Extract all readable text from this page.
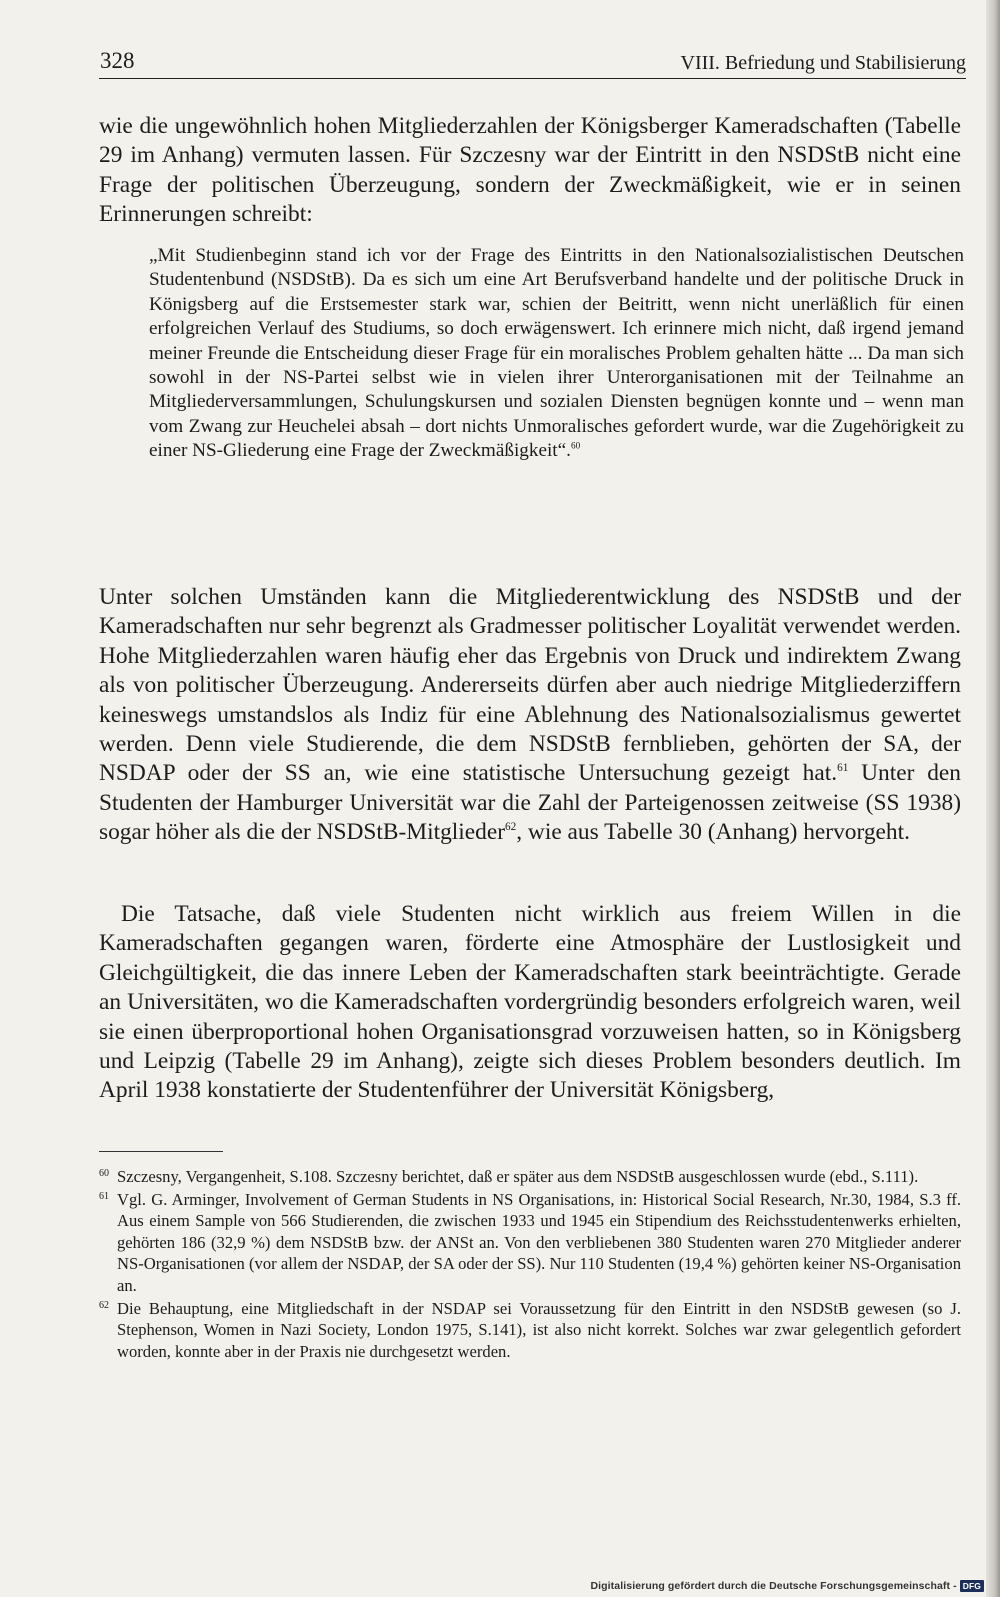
328	VIII. Befriedung und Stabilisierung

wie die ungewöhnlich hohen Mitgliederzahlen der Königsberger Kameradschaften (Tabelle 29 im Anhang) vermuten lassen. Für Szczesny war der Eintritt in den NSDStB nicht eine Frage der politischen Überzeugung, sondern der Zweckmäßigkeit, wie er in seinen Erinnerungen schreibt:

„Mit Studienbeginn stand ich vor der Frage des Eintritts in den Nationalsozialistischen Deutschen Studentenbund (NSDStB). Da es sich um eine Art Berufsverband handelte und der politische Druck in Königsberg auf die Erstsemester stark war, schien der Beitritt, wenn nicht unerläßlich für einen erfolgreichen Verlauf des Studiums, so doch erwägenswert. Ich erinnere mich nicht, daß irgend jemand meiner Freunde die Entscheidung dieser Frage für ein moralisches Problem gehalten hätte ... Da man sich sowohl in der NS-Partei selbst wie in vielen ihrer Unterorganisationen mit der Teilnahme an Mitgliederversammlungen, Schulungskursen und sozialen Diensten begnügen konnte und – wenn man vom Zwang zur Heuchelei absah – dort nichts Unmoralisches gefordert wurde, war die Zugehörigkeit zu einer NS-Gliederung eine Frage der Zweckmäßigkeit“.$^{60}$

Unter solchen Umständen kann die Mitgliederentwicklung des NSDStB und der Kameradschaften nur sehr begrenzt als Gradmesser politischer Loyalität verwendet werden. Hohe Mitgliederzahlen waren häufig eher das Ergebnis von Druck und indirektem Zwang als von politischer Überzeugung. Andererseits dürfen aber auch niedrige Mitgliederziffern keineswegs umstandslos als Indiz für eine Ablehnung des Nationalsozialismus gewertet werden. Denn viele Studierende, die dem NSDStB fernblieben, gehörten der SA, der NSDAP oder der SS an, wie eine statistische Untersuchung gezeigt hat.$^{61}$ Unter den Studenten der Hamburger Universität war die Zahl der Parteigenossen zeitweise (SS 1938) sogar höher als die der NSDStB-Mitglieder$^{62}$, wie aus Tabelle 30 (Anhang) hervorgeht.

Die Tatsache, daß viele Studenten nicht wirklich aus freiem Willen in die Kameradschaften gegangen waren, förderte eine Atmosphäre der Lustlosigkeit und Gleichgültigkeit, die das innere Leben der Kameradschaften stark beeinträchtigte. Gerade an Universitäten, wo die Kameradschaften vordergründig besonders erfolgreich waren, weil sie einen überproportional hohen Organisationsgrad vorzuweisen hatten, so in Königsberg und Leipzig (Tabelle 29 im Anhang), zeigte sich dieses Problem besonders deutlich. Im April 1938 konstatierte der Studentenführer der Universität Königsberg,

60 Szczesny, Vergangenheit, S.108. Szczesny berichtet, daß er später aus dem NSDStB ausgeschlossen wurde (ebd., S.111).

61 Vgl. G. Arminger, Involvement of German Students in NS Organisations, in: Historical Social Research, Nr.30, 1984, S.3 ff. Aus einem Sample von 566 Studierenden, die zwischen 1933 und 1945 ein Stipendium des Reichsstudentenwerks erhielten, gehörten 186 (32,9 %) dem NSDStB bzw. der ANSt an. Von den verbliebenen 380 Studenten waren 270 Mitglieder anderer NS-Organisationen (vor allem der NSDAP, der SA oder der SS). Nur 110 Studenten (19,4 %) gehörten keiner NS-Organisation an.

62 Die Behauptung, eine Mitgliedschaft in der NSDAP sei Voraussetzung für den Eintritt in den NSDStB gewesen (so J. Stephenson, Women in Nazi Society, London 1975, S.141), ist also nicht korrekt. Solches war zwar gelegentlich gefordert worden, konnte aber in der Praxis nie durchgesetzt werden.

Digitalisierung gefördert durch die Deutsche Forschungsgemeinschaft - DFG
